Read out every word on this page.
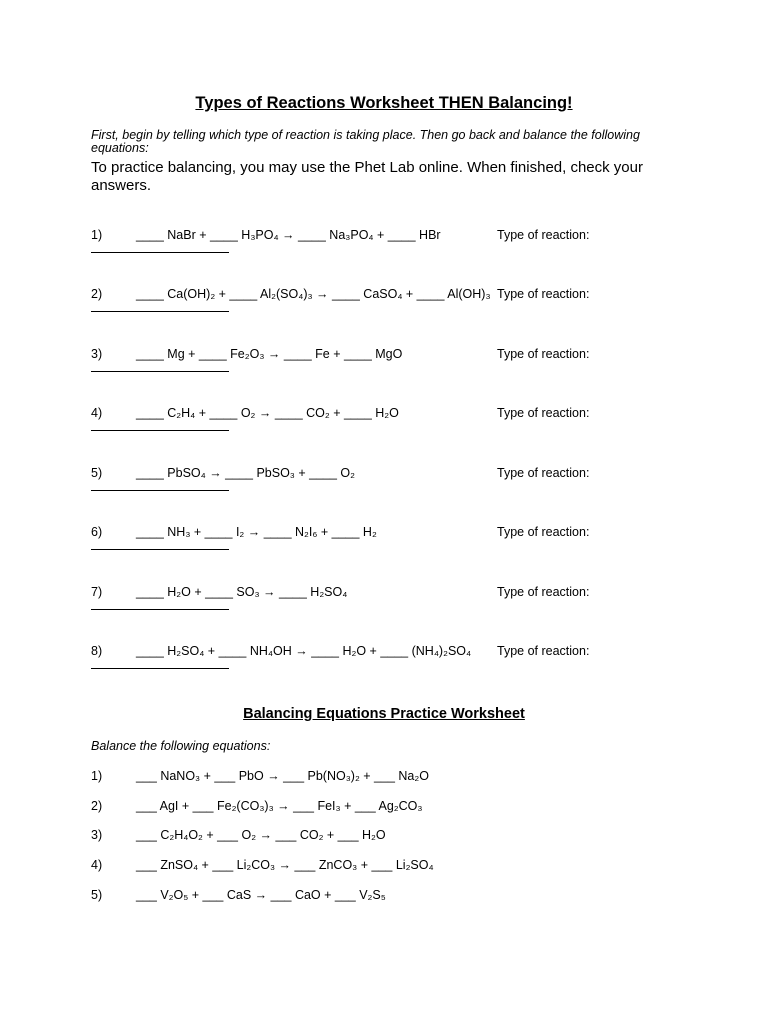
Types of Reactions Worksheet THEN Balancing!
First, begin by telling which type of reaction is taking place. Then go back and balance the following equations:
To practice balancing, you may use the Phet Lab online. When finished, check your answers.
1)	____ NaBr + ____ H₃PO₄ → ____ Na₃PO₄ + ____ HBr	Type of reaction:
2)	____ Ca(OH)₂ + ____ Al₂(SO₄)₃ → ____ CaSO₄ + ____ Al(OH)₃ Type of reaction:
3)	____ Mg + ____ Fe₂O₃ → ____ Fe + ____ MgO	Type of reaction:
4)	____ C₂H₄ + ____ O₂ → ____ CO₂ + ____ H₂O	Type of reaction:
5)	____ PbSO₄ → ____ PbSO₃ + ____ O₂	Type of reaction:
6)	____ NH₃ + ____ I₂ → ____ N₂I₆ + ____ H₂	Type of reaction:
7)	____ H₂O + ____ SO₃ → ____ H₂SO₄	Type of reaction:
8)	____ H₂SO₄ + ____ NH₄OH → ____ H₂O + ____ (NH₄)₂SO₄ Type of reaction:
Balancing Equations Practice Worksheet
Balance the following equations:
1)	___ NaNO₃ + ___ PbO → ___ Pb(NO₃)₂ + ___ Na₂O
2)	___ AgI + ___ Fe₂(CO₃)₃ → ___ FeI₃ + ___ Ag₂CO₃
3)	___ C₂H₄O₂ + ___ O₂ → ___ CO₂ + ___ H₂O
4)	___ ZnSO₄ + ___ Li₂CO₃ → ___ ZnCO₃ + ___ Li₂SO₄
5)	___ V₂O₅ + ___ CaS → ___ CaO + ___ V₂S₅
